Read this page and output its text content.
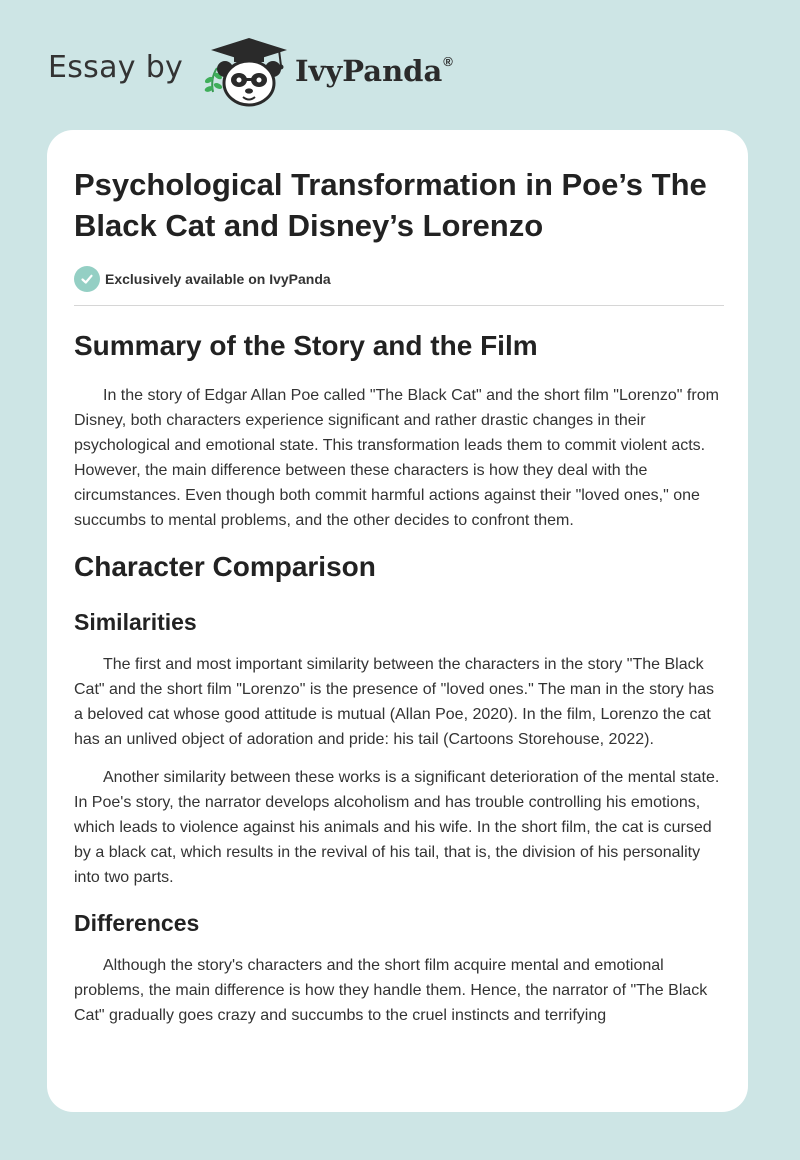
Essay by	IvyPanda®
Psychological Transformation in Poe’s The Black Cat and Disney’s Lorenzo
Exclusively available on IvyPanda
Summary of the Story and the Film

In the story of Edgar Allan Poe called "The Black Cat" and the short film "Lorenzo" from Disney, both characters experience significant and rather drastic changes in their psychological and emotional state. This transformation leads them to commit violent acts. However, the main difference between these characters is how they deal with the circumstances. Even though both commit harmful actions against their "loved ones," one succumbs to mental problems, and the other decides to confront them.

Character Comparison
Similarities

The first and most important similarity between the characters in the story "The Black Cat" and the short film "Lorenzo" is the presence of "loved ones." The man in the story has a beloved cat whose good attitude is mutual (Allan Poe, 2020). In the film, Lorenzo the cat has an unlived object of adoration and pride: his tail (Cartoons Storehouse, 2022).

Another similarity between these works is a significant deterioration of the mental state. In Poe's story, the narrator develops alcoholism and has trouble controlling his emotions, which leads to violence against his animals and his wife. In the short film, the cat is cursed by a black cat, which results in the revival of his tail, that is, the division of his personality into two parts.

Differences

Although the story's characters and the short film acquire mental and emotional problems, the main difference is how they handle them. Hence, the narrator of "The Black Cat" gradually goes crazy and succumbs to the cruel instincts and terrifying
